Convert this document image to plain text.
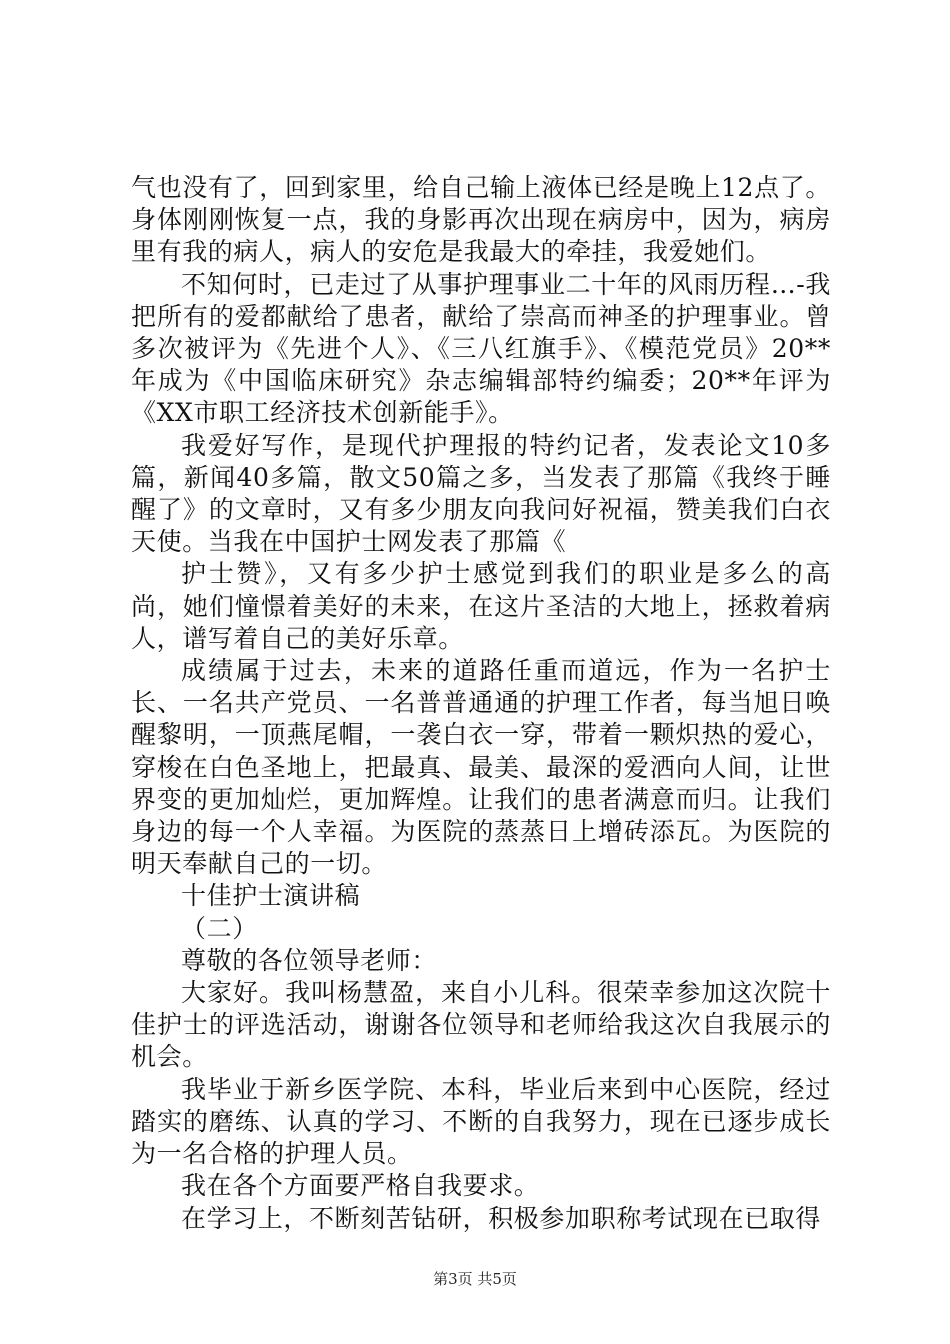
气也没有了，回到家里，给自己输上液体已经是晚上12点了。身体刚刚恢复一点，我的身影再次出现在病房中，因为，病房里有我的病人，病人的安危是我最大的牵挂，我爱她们。

不知何时，已走过了从事护理事业二十年的风雨历程…-我把所有的爱都献给了患者，献给了崇高而神圣的护理事业。曾多次被评为《先进个人》、《三八红旗手》、《模范党员》20**年成为《中国临床研究》杂志编辑部特约编委；20**年评为《XX市职工经济技术创新能手》。

我爱好写作，是现代护理报的特约记者，发表论文10多篇，新闻40多篇，散文50篇之多，当发表了那篇《我终于睡醒了》的文章时，又有多少朋友向我问好祝福，赞美我们白衣天使。当我在中国护士网发表了那篇《

护士赞》，又有多少护士感觉到我们的职业是多么的高尚，她们憧憬着美好的未来，在这片圣洁的大地上，拯救着病人，谱写着自己的美好乐章。

成绩属于过去，未来的道路任重而道远，作为一名护士长、一名共产党员、一名普普通通的护理工作者，每当旭日唤醒黎明，一顶燕尾帽，一袭白衣一穿，带着一颗炽热的爱心，穿梭在白色圣地上，把最真、最美、最深的爱洒向人间，让世界变的更加灿烂，更加辉煌。让我们的患者满意而归。让我们身边的每一个人幸福。为医院的蒸蒸日上增砖添瓦。为医院的明天奉献自己的一切。

十佳护士演讲稿

（二）

尊敬的各位领导老师：

大家好。我叫杨慧盈，来自小儿科。很荣幸参加这次院十佳护士的评选活动，谢谢各位领导和老师给我这次自我展示的机会。

我毕业于新乡医学院、本科，毕业后来到中心医院，经过踏实的磨练、认真的学习、不断的自我努力，现在已逐步成长为一名合格的护理人员。

我在各个方面要严格自我要求。

在学习上，不断刻苦钻研，积极参加职称考试现在已取得

第3页 共5页
